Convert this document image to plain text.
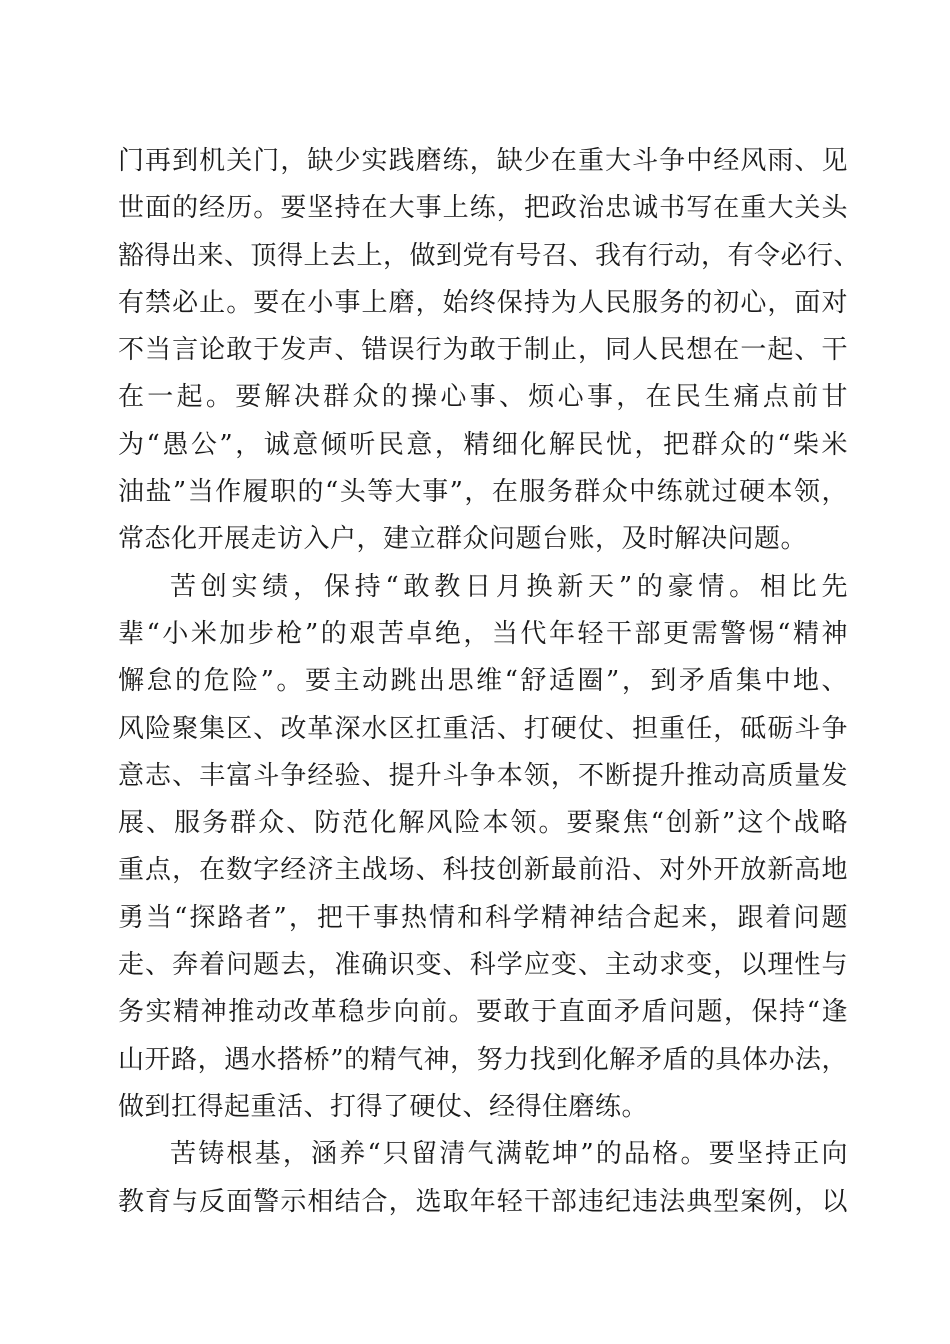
门再到机关门，缺少实践磨练，缺少在重大斗争中经风雨、见
世面的经历。要坚持在大事上练，把政治忠诚书写在重大关头
豁得出来、顶得上去上，做到党有号召、我有行动，有令必行、
有禁必止。要在小事上磨，始终保持为人民服务的初心，面对
不当言论敢于发声、错误行为敢于制止，同人民想在一起、干
在一起。要解决群众的操心事、烦心事，在民生痛点前甘
为“愚公”，诚意倾听民意，精细化解民忧，把群众的“柴米
油盐”当作履职的“头等大事”，在服务群众中练就过硬本领，
常态化开展走访入户，建立群众问题台账，及时解决问题。
苦创实绩，保持“敢教日月换新天”的豪情。相比先
辈“小米加步枪”的艰苦卓绝，当代年轻干部更需警惕“精神
懈怠的危险”。要主动跳出思维“舒适圈”，到矛盾集中地、
风险聚集区、改革深水区扛重活、打硬仗、担重任，砥砺斗争
意志、丰富斗争经验、提升斗争本领，不断提升推动高质量发
展、服务群众、防范化解风险本领。要聚焦“创新”这个战略
重点，在数字经济主战场、科技创新最前沿、对外开放新高地
勇当“探路者”，把干事热情和科学精神结合起来，跟着问题
走、奔着问题去，准确识变、科学应变、主动求变，以理性与
务实精神推动改革稳步向前。要敢于直面矛盾问题，保持“逢
山开路，遇水搭桥”的精气神，努力找到化解矛盾的具体办法，
做到扛得起重活、打得了硬仗、经得住磨练。
苦铸根基，涵养“只留清气满乾坤”的品格。要坚持正向
教育与反面警示相结合，选取年轻干部违纪违法典型案例，以
